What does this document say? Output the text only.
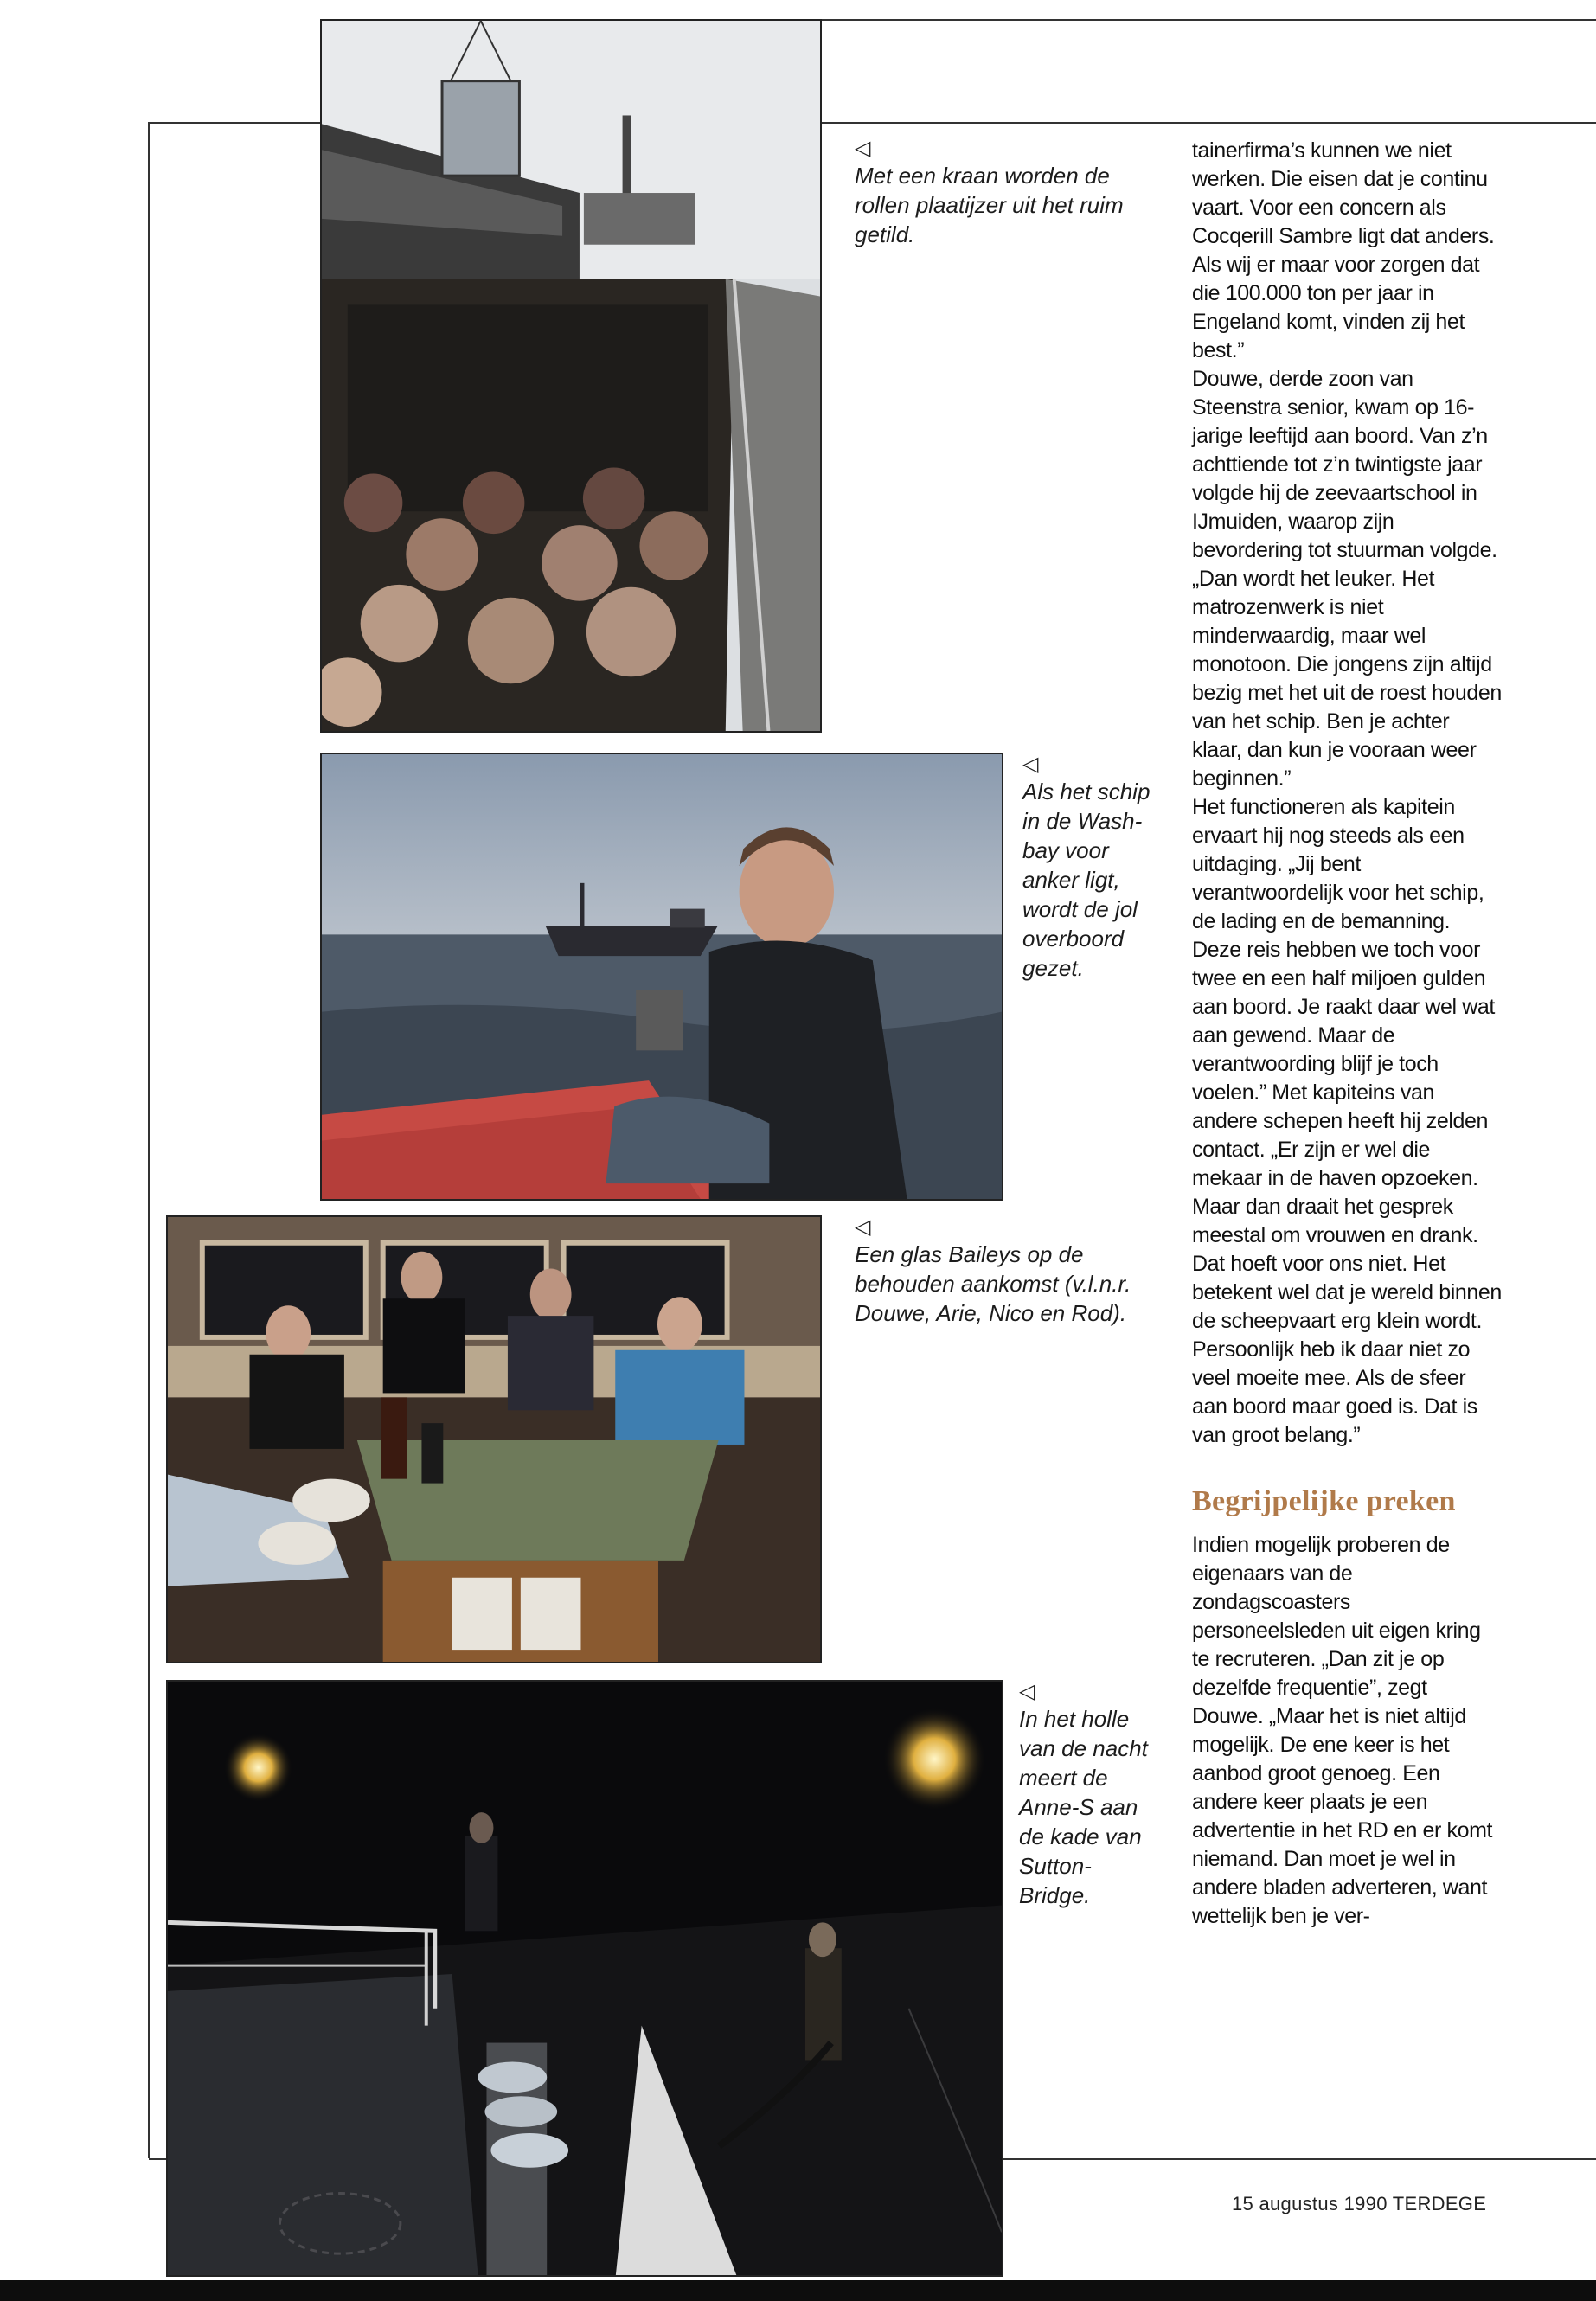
◁
Met een kraan worden de rollen plaatijzer uit het ruim getild.
◁
Als het schip in de Wash-bay voor anker ligt, wordt de jol overboord gezet.
◁
Een glas Baileys op de behouden aankomst (v.l.n.r. Douwe, Arie, Nico en Rod).
◁
In het holle van de nacht meert de Anne-S aan de kade van Sutton-Bridge.

tainerfirma’s kunnen we niet werken. Die eisen dat je continu vaart. Voor een concern als Cocqerill Sambre ligt dat anders. Als wij er maar voor zorgen dat die 100.000 ton per jaar in Engeland komt, vinden zij het best.”

Douwe, derde zoon van Steenstra senior, kwam op 16-jarige leeftijd aan boord. Van z’n achttiende tot z’n twintigste jaar volgde hij de zeevaartschool in IJmuiden, waarop zijn bevordering tot stuurman volgde. „Dan wordt het leuker. Het matrozenwerk is niet minderwaardig, maar wel monotoon. Die jongens zijn altijd bezig met het uit de roest houden van het schip. Ben je achter klaar, dan kun je vooraan weer beginnen.”

Het functioneren als kapitein ervaart hij nog steeds als een uitdaging. „Jij bent verantwoordelijk voor het schip, de lading en de bemanning. Deze reis hebben we toch voor twee en een half miljoen gulden aan boord. Je raakt daar wel wat aan gewend. Maar de verantwoording blijf je toch voelen.” Met kapiteins van andere schepen heeft hij zelden contact. „Er zijn er wel die mekaar in de haven opzoeken. Maar dan draait het gesprek meestal om vrouwen en drank. Dat hoeft voor ons niet. Het betekent wel dat je wereld binnen de scheepvaart erg klein wordt. Persoonlijk heb ik daar niet zo veel moeite mee. Als de sfeer aan boord maar goed is. Dat is van groot belang.”

Begrijpelijke preken

Indien mogelijk proberen de eigenaars van de zondagscoasters personeelsleden uit eigen kring te recruteren. „Dan zit je op dezelfde frequentie”, zegt Douwe. „Maar het is niet altijd mogelijk. De ene keer is het aanbod groot genoeg. Een andere keer plaats je een advertentie in het RD en er komt niemand. Dan moet je wel in andere bladen adverteren, want wettelijk ben je ver-

15 augustus 1990 TERDEGE
